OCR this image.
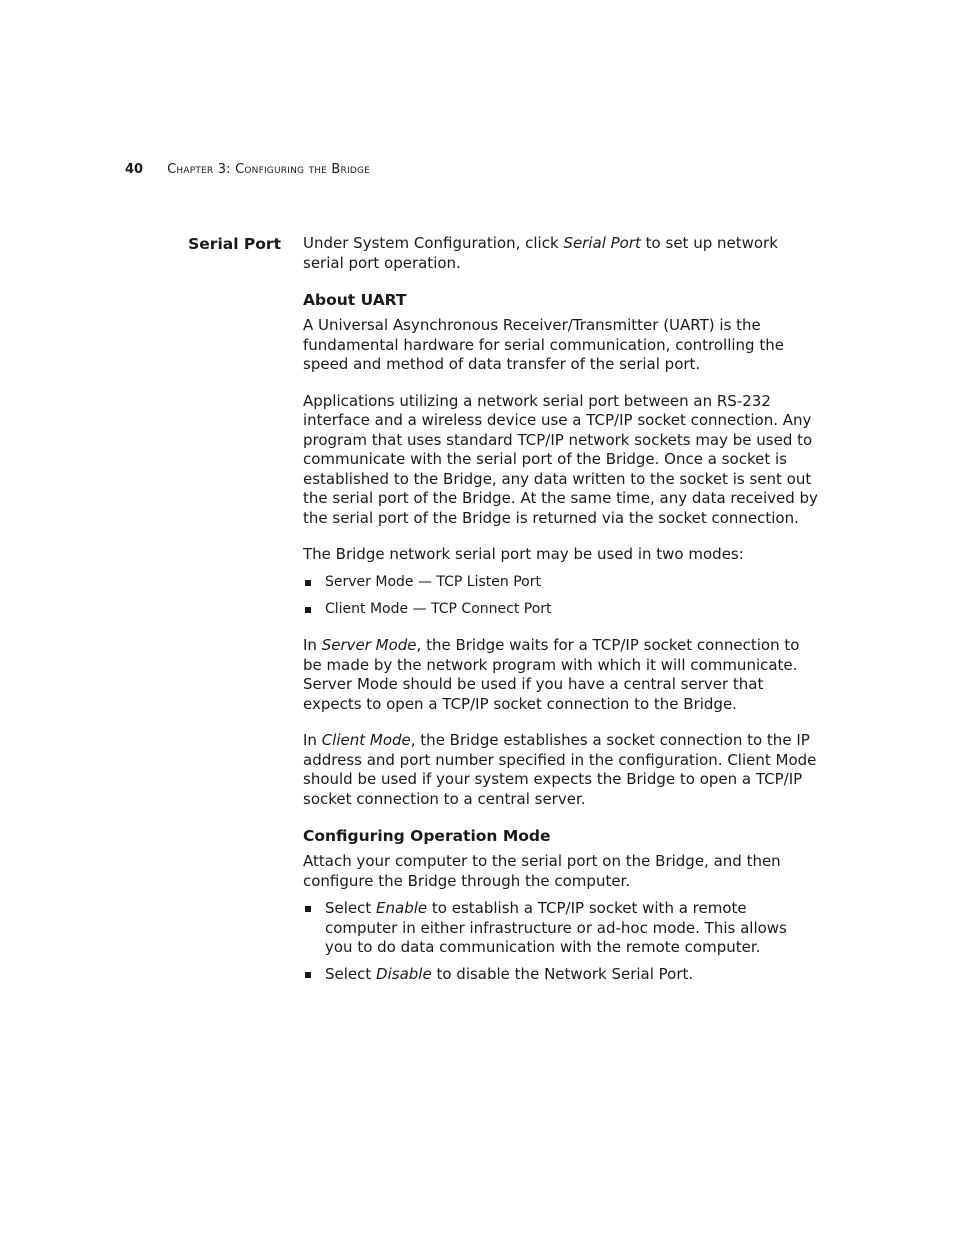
40 Chapter 3: Configuring the Bridge
Serial Port Under System Configuration, click Serial Port to set up network serial port operation.

About UART

A Universal Asynchronous Receiver/Transmitter (UART) is the fundamental hardware for serial communication, controlling the speed and method of data transfer of the serial port.

Applications utilizing a network serial port between an RS-232 interface and a wireless device use a TCP/IP socket connection. Any program that uses standard TCP/IP network sockets may be used to communicate with the serial port of the Bridge. Once a socket is established to the Bridge, any data written to the socket is sent out the serial port of the Bridge. At the same time, any data received by the serial port of the Bridge is returned via the socket connection.

The Bridge network serial port may be used in two modes:

Server Mode — TCP Listen Port
Client Mode — TCP Connect Port

In Server Mode, the Bridge waits for a TCP/IP socket connection to be made by the network program with which it will communicate. Server Mode should be used if you have a central server that expects to open a TCP/IP socket connection to the Bridge.

In Client Mode, the Bridge establishes a socket connection to the IP address and port number specified in the configuration. Client Mode should be used if your system expects the Bridge to open a TCP/IP socket connection to a central server.

Configuring Operation Mode

Attach your computer to the serial port on the Bridge, and then configure the Bridge through the computer.

Select Enable to establish a TCP/IP socket with a remote computer in either infrastructure or ad-hoc mode. This allows you to do data communication with the remote computer.
Select Disable to disable the Network Serial Port.
